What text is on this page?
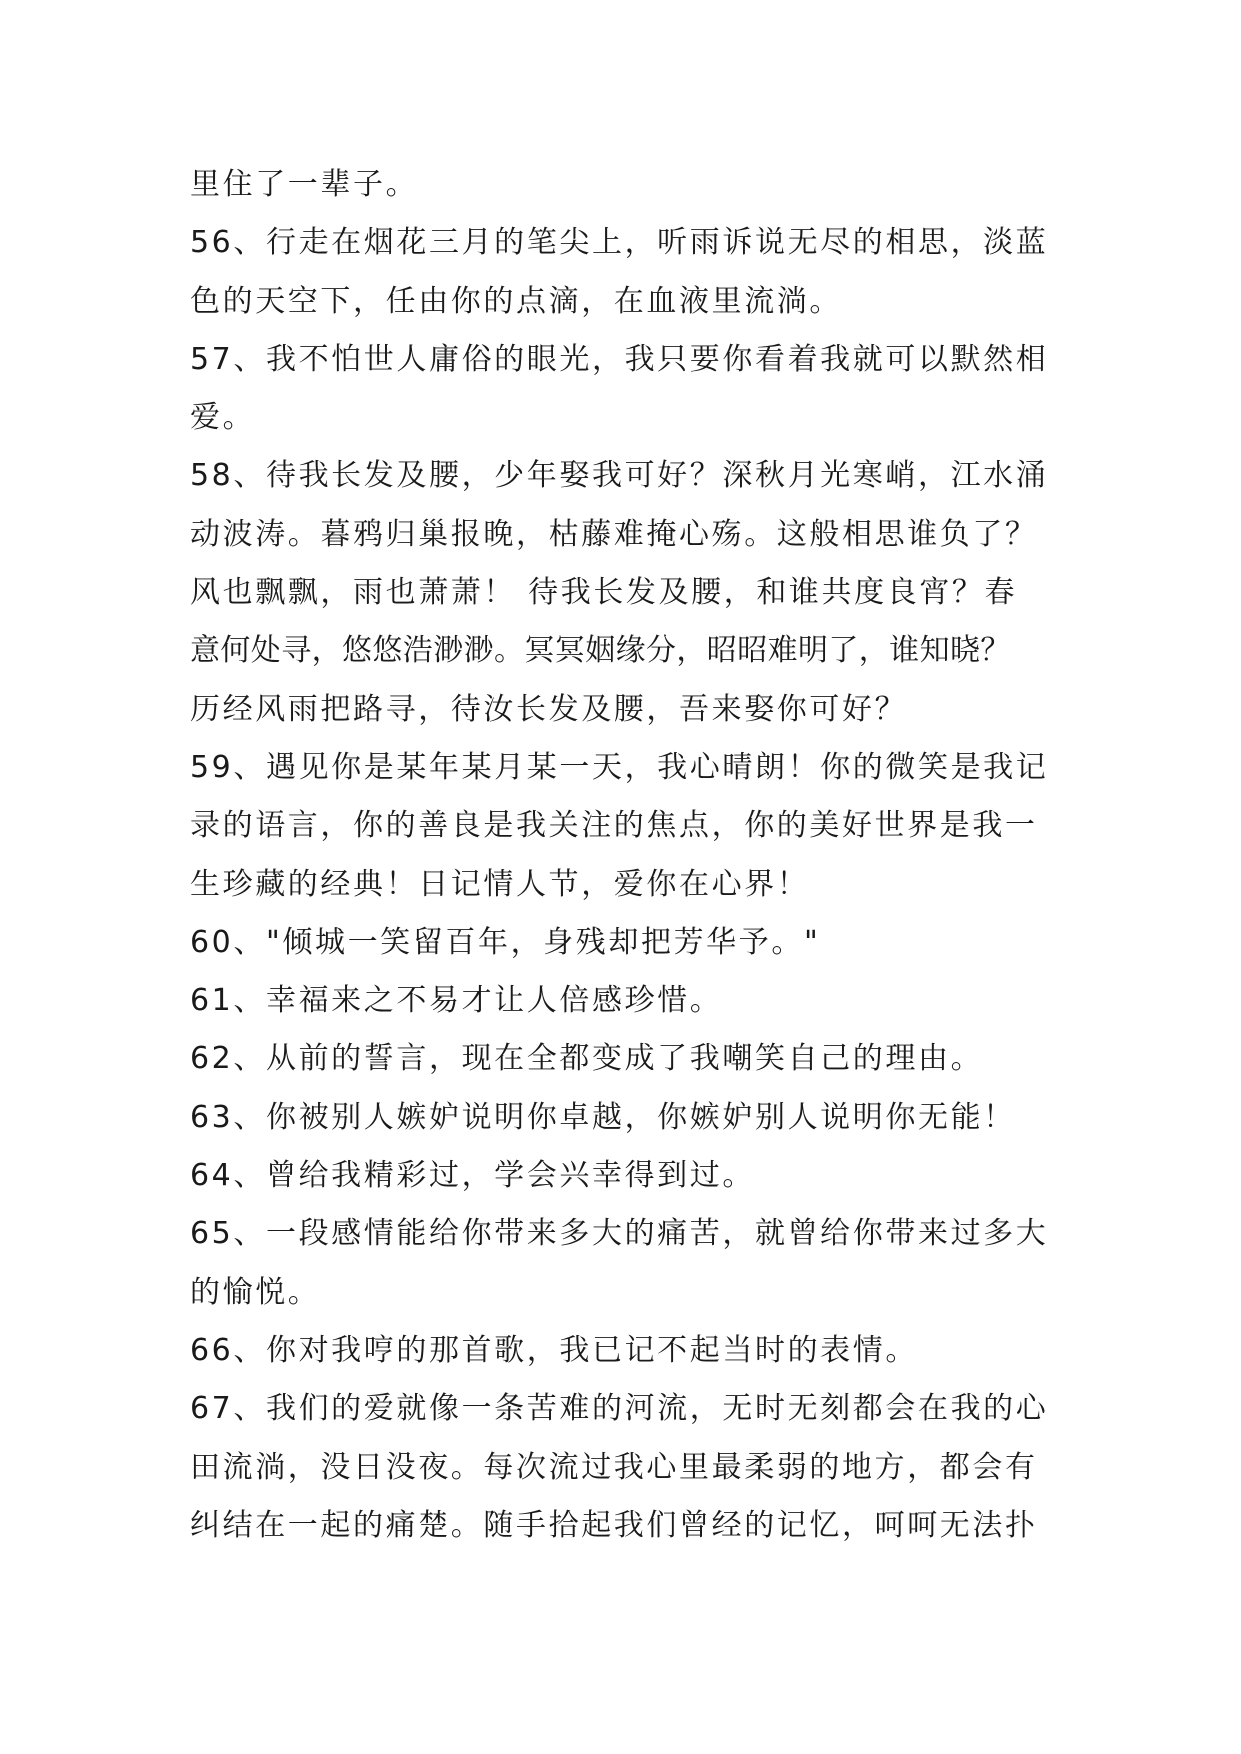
里住了一辈子。
56、行走在烟花三月的笔尖上，听雨诉说无尽的相思，淡蓝
色的天空下，任由你的点滴，在血液里流淌。
57、我不怕世人庸俗的眼光，我只要你看着我就可以默然相
爱。
58、待我长发及腰，少年娶我可好？深秋月光寒峭，江水涌
动波涛。暮鸦归巢报晚，枯藤难掩心殇。这般相思谁负了？
风也飘飘，雨也萧萧！ 待我长发及腰，和谁共度良宵？春
意何处寻，悠悠浩渺渺。冥冥姻缘分，昭昭难明了，谁知晓？
历经风雨把路寻，待汝长发及腰，吾来娶你可好？
59、遇见你是某年某月某一天，我心晴朗！你的微笑是我记
录的语言，你的善良是我关注的焦点，你的美好世界是我一
生珍藏的经典！日记情人节，爱你在心界！
60、"倾城一笑留百年，身残却把芳华予。"
61、幸福来之不易才让人倍感珍惜。
62、从前的誓言，现在全都变成了我嘲笑自己的理由。
63、你被别人嫉妒说明你卓越，你嫉妒别人说明你无能！
64、曾给我精彩过，学会兴幸得到过。
65、一段感情能给你带来多大的痛苦，就曾给你带来过多大
的愉悦。
66、你对我哼的那首歌，我已记不起当时的表情。
67、我们的爱就像一条苦难的河流，无时无刻都会在我的心
田流淌，没日没夜。每次流过我心里最柔弱的地方，都会有
纠结在一起的痛楚。随手拾起我们曾经的记忆，呵呵无法扑
